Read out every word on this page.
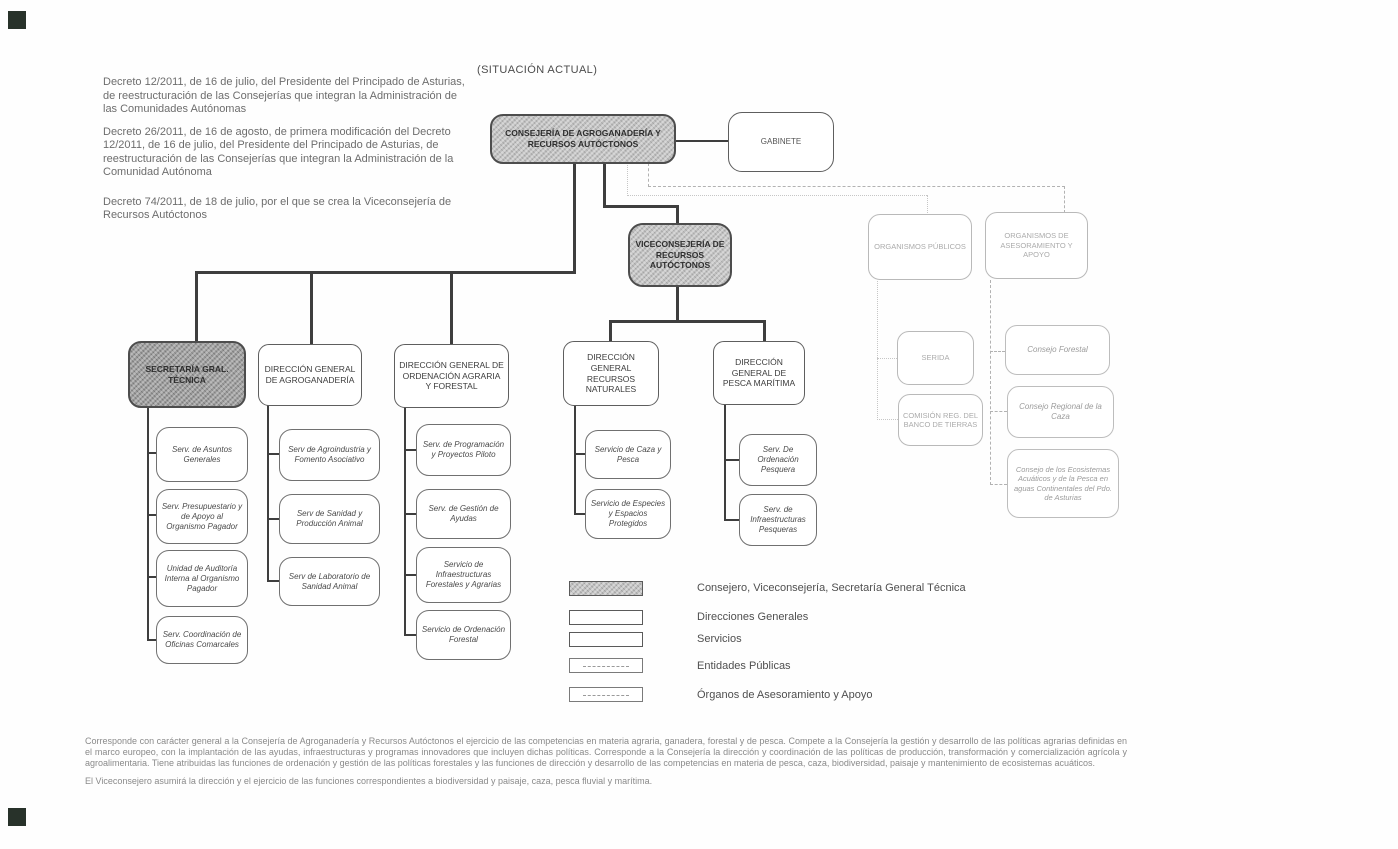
(SITUACIÓN ACTUAL)

Decreto 12/2011, de 16 de julio, del Presidente del Principado de Asturias, de reestructuración de las Consejerías que integran la Administración de las Comunidades Autónomas

Decreto 26/2011, de 16 de agosto, de primera modificación del Decreto 12/2011, de 16 de julio, del Presidente del Principado de Asturias, de reestructuración de las Consejerías que integran la Administración de la Comunidad Autónoma

Decreto 74/2011, de 18 de julio, por el que se crea la Viceconsejería de Recursos Autóctonos

CONSEJERÍA DE AGROGANADERÍA Y RECURSOS AUTÓCTONOS	GABINETE
VICECONSEJERÍA DE RECURSOS AUTÓCTONOS
SECRETARÍA GRAL. TÉCNICA
DIRECCIÓN GENERAL DE AGROGANADERÍA
DIRECCIÓN GENERAL DE ORDENACIÓN AGRARIA Y FORESTAL
DIRECCIÓN GENERAL RECURSOS NATURALES
DIRECCIÓN GENERAL DE PESCA MARÍTIMA
Serv. de Asuntos Generales
Serv. Presupuestario y de Apoyo al Organismo Pagador
Unidad de Auditoría Interna al Organismo Pagador
Serv. Coordinación de Oficinas Comarcales
Serv de Agroindustria y Fomento Asociativo
Serv de Sanidad y Producción Animal
Serv de Laboratorio de Sanidad Animal
Serv. de Programación y Proyectos Piloto
Serv. de Gestión de Ayudas
Servicio de Infraestructuras Forestales y Agrarias
Servicio de Ordenación Forestal
Servicio de Caza y Pesca
Servicio de Especies y Espacios Protegidos
Serv. De Ordenación Pesquera
Serv. de Infraestructuras Pesqueras
ORGANISMOS PÚBLICOS
ORGANISMOS DE ASESORAMIENTO Y APOYO
SERIDA
COMISIÓN REG. DEL BANCO DE TIERRAS
Consejo Forestal
Consejo Regional de la Caza
Consejo de los Ecosistemas Acuáticos y de la Pesca en aguas Continentales del Pdo. de Asturias
Consejero, Viceconsejería, Secretaría General Técnica
Direcciones Generales
Servicios
Entidades Públicas
Órganos de Asesoramiento y Apoyo

Corresponde con carácter general a la Consejería de Agroganadería y Recursos Autóctonos el ejercicio de las competencias en materia agraria, ganadera, forestal y de pesca. Compete a la Consejería la gestión y desarrollo de las políticas agrarias definidas en el marco europeo, con la implantación de las ayudas, infraestructuras y programas innovadores que incluyen dichas políticas. Corresponde a la Consejería la dirección y coordinación de las políticas de producción, transformación y comercialización agrícola y agroalimentaria. Tiene atribuidas las funciones de ordenación y gestión de las políticas forestales y las funciones de dirección y desarrollo de las competencias en materia de pesca, caza, biodiversidad, paisaje y mantenimiento de ecosistemas acuáticos.

El Viceconsejero asumirá la dirección y el ejercicio de las funciones correspondientes a biodiversidad y paisaje, caza, pesca fluvial y marítima.
